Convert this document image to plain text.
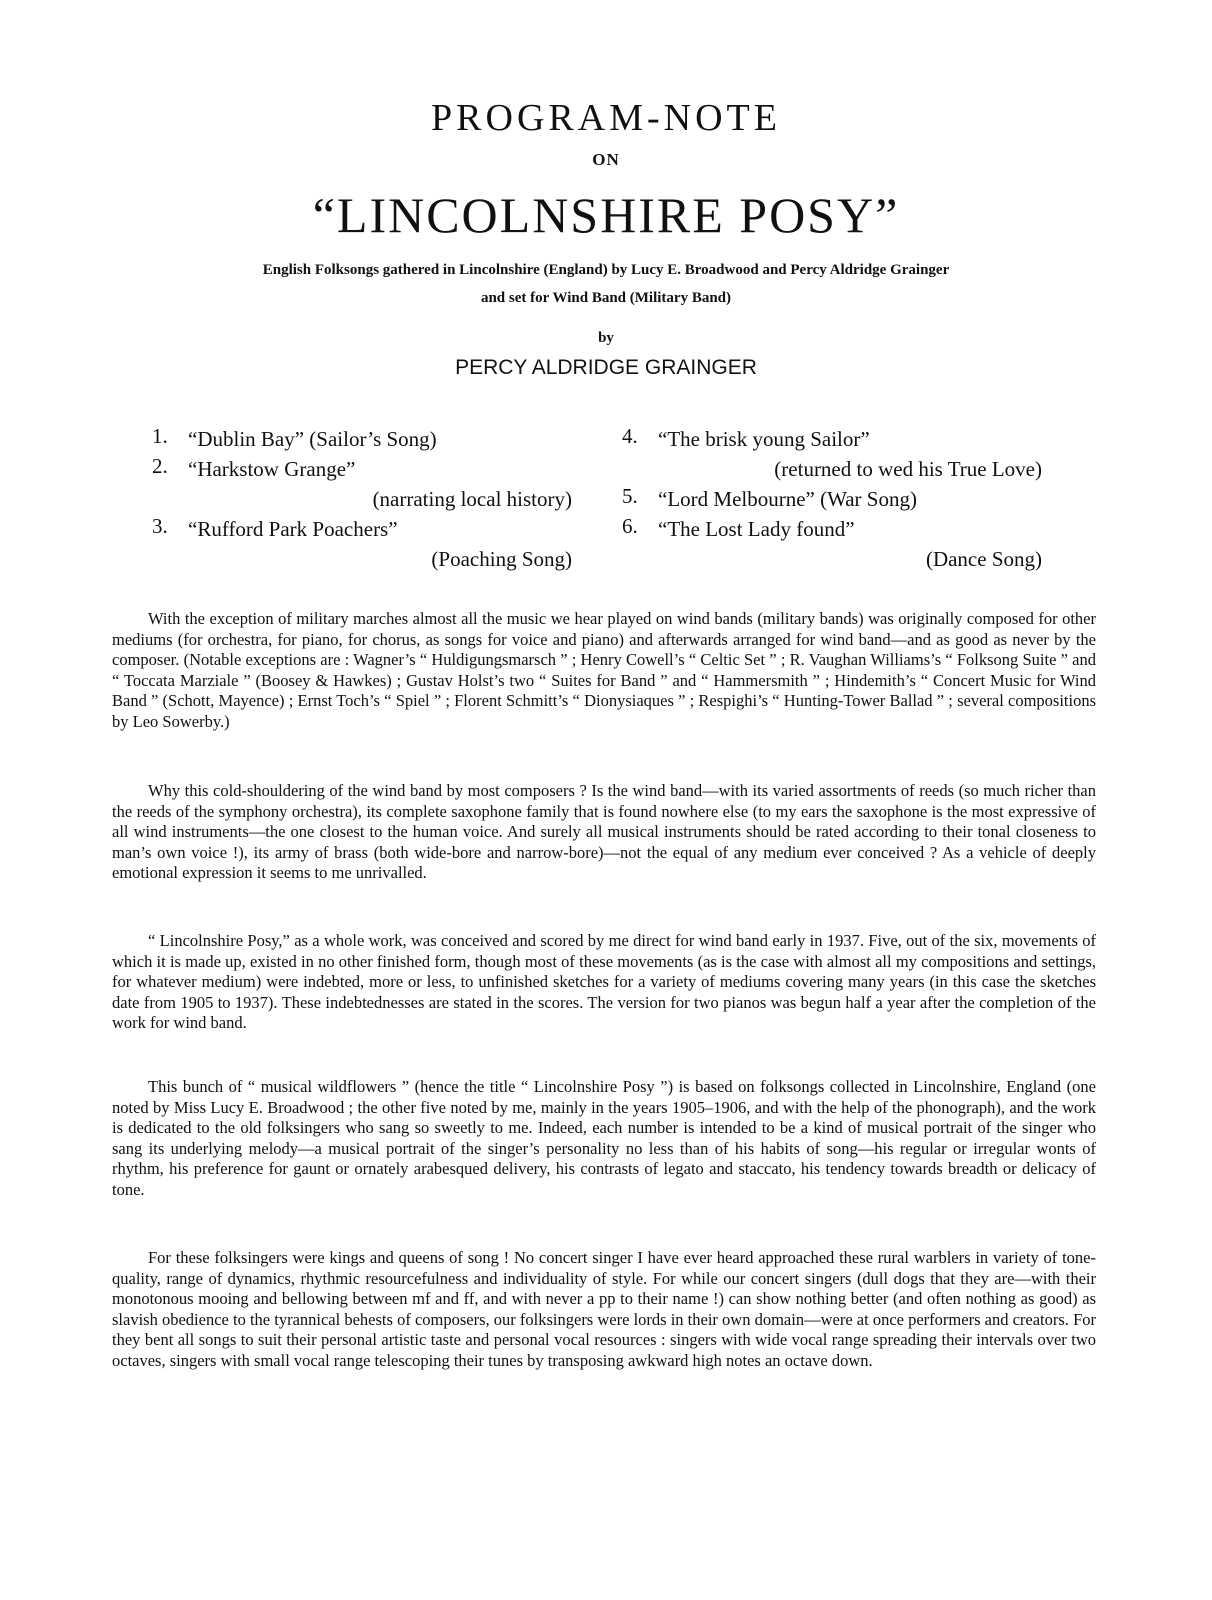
PROGRAM-NOTE
ON
“LINCOLNSHIRE POSY”
English Folksongs gathered in Lincolnshire (England) by Lucy E. Broadwood and Percy Aldridge Grainger
and set for Wind Band (Military Band)
by
PERCY ALDRIDGE GRAINGER
1. “Dublin Bay” (Sailor’s Song)
2. “Harkstow Grange”
(narrating local history)
3. “Rufford Park Poachers”
(Poaching Song)
4. “The brisk young Sailor”
(returned to wed his True Love)
5. “Lord Melbourne” (War Song)
6. “The Lost Lady found”
(Dance Song)

With the exception of military marches almost all the music we hear played on wind bands (military bands) was originally composed for other mediums (for orchestra, for piano, for chorus, as songs for voice and piano) and afterwards arranged for wind band—and as good as never by the composer. (Notable exceptions are : Wagner’s “ Huldigungsmarsch ” ; Henry Cowell’s “ Celtic Set ” ; R. Vaughan Williams’s “ Folksong Suite ” and “ Toccata Marziale ” (Boosey & Hawkes) ; Gustav Holst’s two “ Suites for Band ” and “ Hammersmith ” ; Hindemith’s “ Concert Music for Wind Band ” (Schott, Mayence) ; Ernst Toch’s “ Spiel ” ; Florent Schmitt’s “ Dionysiaques ” ; Respighi’s “ Hunting-Tower Ballad ” ; several compositions by Leo Sowerby.)

Why this cold-shouldering of the wind band by most composers ? Is the wind band—with its varied assortments of reeds (so much richer than the reeds of the symphony orchestra), its complete saxophone family that is found nowhere else (to my ears the saxophone is the most expressive of all wind instruments—the one closest to the human voice. And surely all musical instruments should be rated according to their tonal closeness to man’s own voice !), its army of brass (both wide-bore and narrow-bore)—not the equal of any medium ever conceived ? As a vehicle of deeply emotional expression it seems to me unrivalled.

“ Lincolnshire Posy,” as a whole work, was conceived and scored by me direct for wind band early in 1937. Five, out of the six, movements of which it is made up, existed in no other finished form, though most of these movements (as is the case with almost all my compositions and settings, for whatever medium) were indebted, more or less, to unfinished sketches for a variety of mediums covering many years (in this case the sketches date from 1905 to 1937). These indebtednesses are stated in the scores. The version for two pianos was begun half a year after the completion of the work for wind band.

This bunch of “ musical wildflowers ” (hence the title “ Lincolnshire Posy ”) is based on folksongs collected in Lincolnshire, England (one noted by Miss Lucy E. Broadwood ; the other five noted by me, mainly in the years 1905–1906, and with the help of the phonograph), and the work is dedicated to the old folksingers who sang so sweetly to me. Indeed, each number is intended to be a kind of musical portrait of the singer who sang its underlying melody—a musical portrait of the singer’s personality no less than of his habits of song—his regular or irregular wonts of rhythm, his preference for gaunt or ornately arabesqued delivery, his contrasts of legato and staccato, his tendency towards breadth or delicacy of tone.

For these folksingers were kings and queens of song ! No concert singer I have ever heard approached these rural warblers in variety of tone-quality, range of dynamics, rhythmic resourcefulness and individuality of style. For while our concert singers (dull dogs that they are—with their monotonous mooing and bellowing between mf and ff, and with never a pp to their name !) can show nothing better (and often nothing as good) as slavish obedience to the tyrannical behests of composers, our folksingers were lords in their own domain—were at once performers and creators. For they bent all songs to suit their personal artistic taste and personal vocal resources : singers with wide vocal range spreading their intervals over two octaves, singers with small vocal range telescoping their tunes by transposing awkward high notes an octave down.
